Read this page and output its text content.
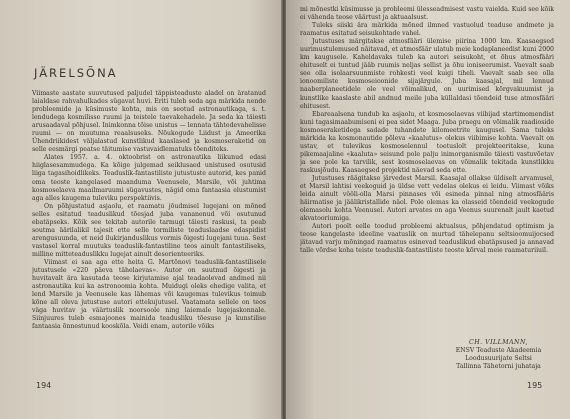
JÄRELSÕNA

Viimaste aastate suuvutused paljudel täppisteaduste aladel on äratanud laialdase rahvahulkades sügavat huvi. Eriti tuleb seda aga märkida nende probleemide ja küsimuste kohta, mis on seotud astronautikaga, s. t. lendudega kosmilisse ruumi ja teistele taevakehadele. Ja seda ka täiesti arusaadaval põhjusel. Inimkonna tõise unistus — lennata tähtedevahelisse ruumi — on muutuma reaalsuseks. Nõukogude Liidust ja Ameerika Ühendriikidest väljalastud kunstlikud kaaslased ja kosmoseraketid on selle eesmärgi peatse täitumise vastuvaidlematuks tõenditeks.

Alates 1957. a. 4. oktoobrist on astronautika liikunud edasi hiiglasesammudega. Ka kõige julgemad seiklusaed unistused osutusid liiga tagasihoidlikeks. Teaduslik-fantastiliste jutustuste autorid, kes panid oma teoste kangelased maandumа Veenusele, Marsile, või juhtima kosmoselaeva maailmaruumi sügavustes, nägid oma fantaasia elustumist aga alles kaugema tuleviku perspektiivis.

On põhjustatud asjaolu, et raamatu jõudmisel lugejani on mõned selles esitatud teaduslikud tõesjad juba vananenud või osutunud ebatäpseks. Kõik see tekitab autorile tarmugi täiesti raskusi, ta peab soutma äärilalikil tajesit ette selle tormiliste teaduslaadse edaspidist arengusuunda, et neid ilukirjanduslikus vormis õigesti lugejani tuua. Sest vastasel korral muutuks teaduslik-fantastiline teos ainult fantastiliseks, milline mitteteaduslikku lugejat ainult desorienteeriks.

Viimast ei saa aga ette heita G. Martõnovi teaduslik-fantastilisele jutustusele «220 päeva tähelaevas». Autor on suutnud õigesti ja huvitavalt ära kasutada teose kirjutamise ajal teadaolevad andmed nii astronautika kui ka astronoomia kohta. Muidugi oleks ehedige valita, et lend Marsile ja Veenusele kas lähemas või kaugemas tulevikus toimub kõne all oleva jutustuse autori ettekujutusel. Vaatamata sellele on teos väga huvitav ja väärtuslik noorsoole ning laiemale lugejaskonnale. Siinjuures tuleb esmajoones mainida teadusliku tõesuse ja kunstilise fantaasia õnnestunud kooskõla. Veidi enam, autorile võiks

194

mi mõnestki küsimusse ja probleemi ülesseadmisest vastu vaieldа. Kuid see kõik ei vähenda teose väärtust ja aktuaalsust.

Tuleks siiski ära märkida mõned ilmned vastuolud teaduse andmete ja raamatus esitatud seisukohtade vahel.

Jutustuses märgitakse atmosfääri ülemise piirina 1000 km. Kaasaegsed uurimustulemused näitavad, et atmosfäär ulatub meie kodaplaneedist kuni 2000 km kaugusele. Kaheldavaks tuleb ka autori seisukoht, et õhus atmosfääri ehituselt ei tuntud jääb ruumis neljas sellist ja õhu ioniseerumist. Vaevalt saab see olla isolaarsuunmiste rohkesti veel kuigi tiheli. Vaevalt saab see olla ionoomiliste kosmoseioonide sijajärgule. Juba kaasajal, mil lennud naaberplaneetidele ole veel võimalikud, on uurimised kõrgvakuumist ja kunstlike kaaslaste abil andnud meile juba küllaldasi tõendeid tuse atmosfääri ehitusest.

Ebareaalsena tundub ka asjaolu, et kosmoselaevas viibijad startimomendist kuni tagasimaabumiseni ei pea sidet Maaga. Juba praegu on võimalik raadioside kosmoseraketidega sadade tuhandete kilomeetrite kaugusel. Sama tuleks märkida ka kosmonautide põleva «kaalutus» olekus viibimise kohta. Vaevalt on ustav, et tulevikus kosmoselennul toetuslolt projekteeritakse, kuna pikemaajaline «kaaluta» seisund pole palju inimorganismile täiesti vastuvõetav ja see pole ka tarvilik, sest kosmoselaevas on võimalik tekitada kunstlikku raskusjõudu. Kaasaegsed projektid näevad seda ette.

Jutustuses räägitakse järvedest Marsil. Kaasajal ollakse üldiselt arvamusel, et Marsil lahtisi veekoguid ja üldse vett vedelas olekus ei leidu. Viimast võiks leida ainult vööli-olla Marsi pinnases või esineda pinnal ning atmosfääris häirmatise ja jäälikristallide näol. Pole olemas ka olasseid tõendeid veekogude olemasolu kohta Veenusel. Autori arvates on aga Veenus suurenalt jault kaetud akvatooriumiga.

Autori poolt eelle toodud probleemi aktualsus, põhjendatud optimism ja teose kangelaste ideeline vaatuslik on murtud tähelepanu seltsioomuijocsed jätavad varju mõningad raamatus esinevad teaduslikud ebatäpsused ja annavad talle võrdse koha teiste teaduslik-fantastiliste teoste kõrval meie raamaturiiuil.

CH. VILLMANN,
ENSV Teaduste Akadeemia
Loodusuurijate Seltsi
Tallinna Tähetorni juhataja
195
